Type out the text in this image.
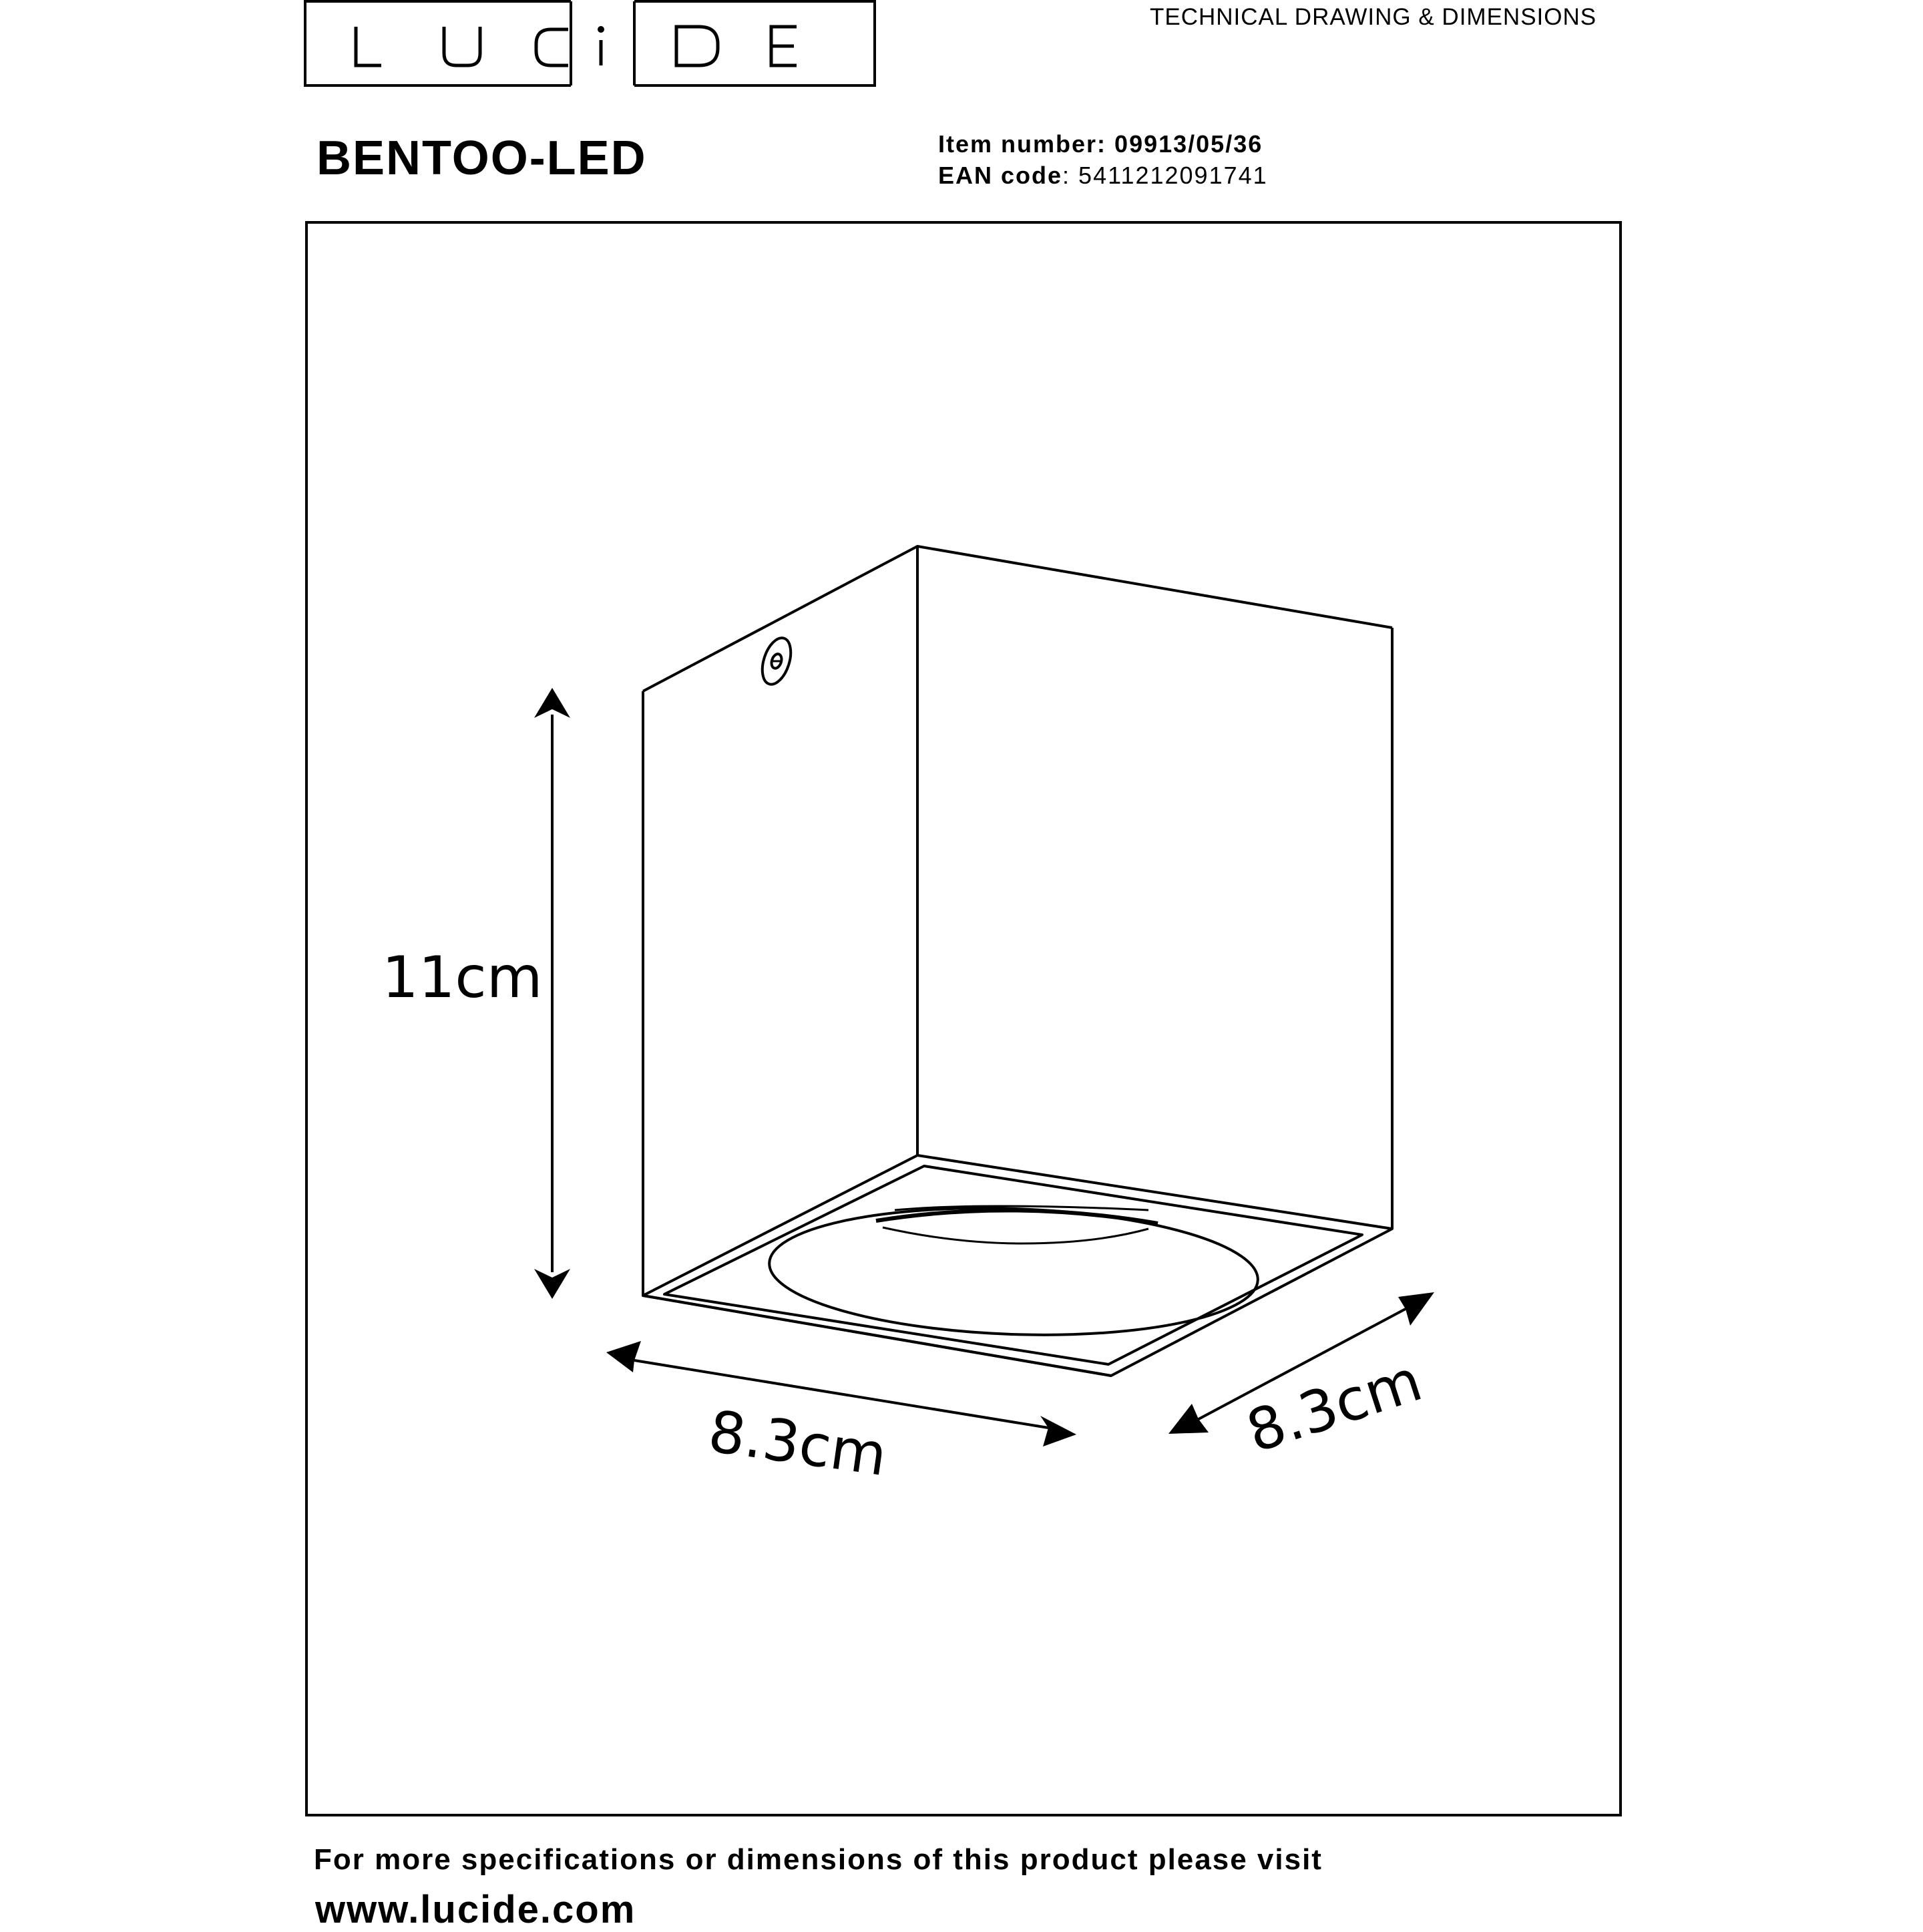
TECHNICAL DRAWING & DIMENSIONS
BENTOO-LED	Item number: 09913/05/36
EAN code: 5411212091741
11cm
8.3cm	8.3cm
For more specifications or dimensions of this product please visit
www.lucide.com
